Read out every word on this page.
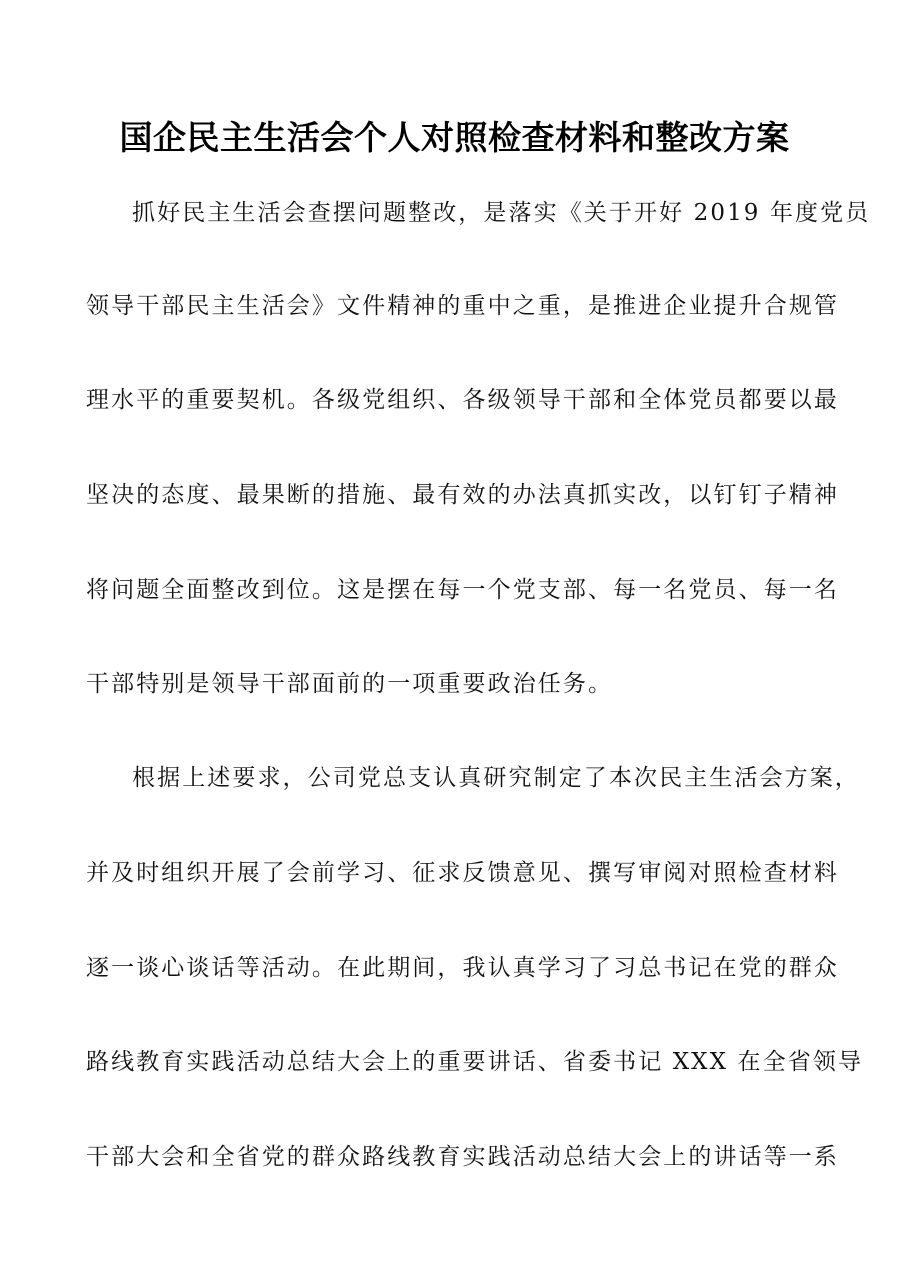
国企民主生活会个人对照检查材料和整改方案
抓好民主生活会查摆问题整改，是落实《关于开好 2019 年度党员
领导干部民主生活会》文件精神的重中之重，是推进企业提升合规管
理水平的重要契机。各级党组织、各级领导干部和全体党员都要以最
坚决的态度、最果断的措施、最有效的办法真抓实改，以钉钉子精神
将问题全面整改到位。这是摆在每一个党支部、每一名党员、每一名
干部特别是领导干部面前的一项重要政治任务。
根据上述要求，公司党总支认真研究制定了本次民主生活会方案，
并及时组织开展了会前学习、征求反馈意见、撰写审阅对照检查材料
逐一谈心谈话等活动。在此期间，我认真学习了习总书记在党的群众
路线教育实践活动总结大会上的重要讲话、省委书记 XXX 在全省领导
干部大会和全省党的群众路线教育实践活动总结大会上的讲话等一系
